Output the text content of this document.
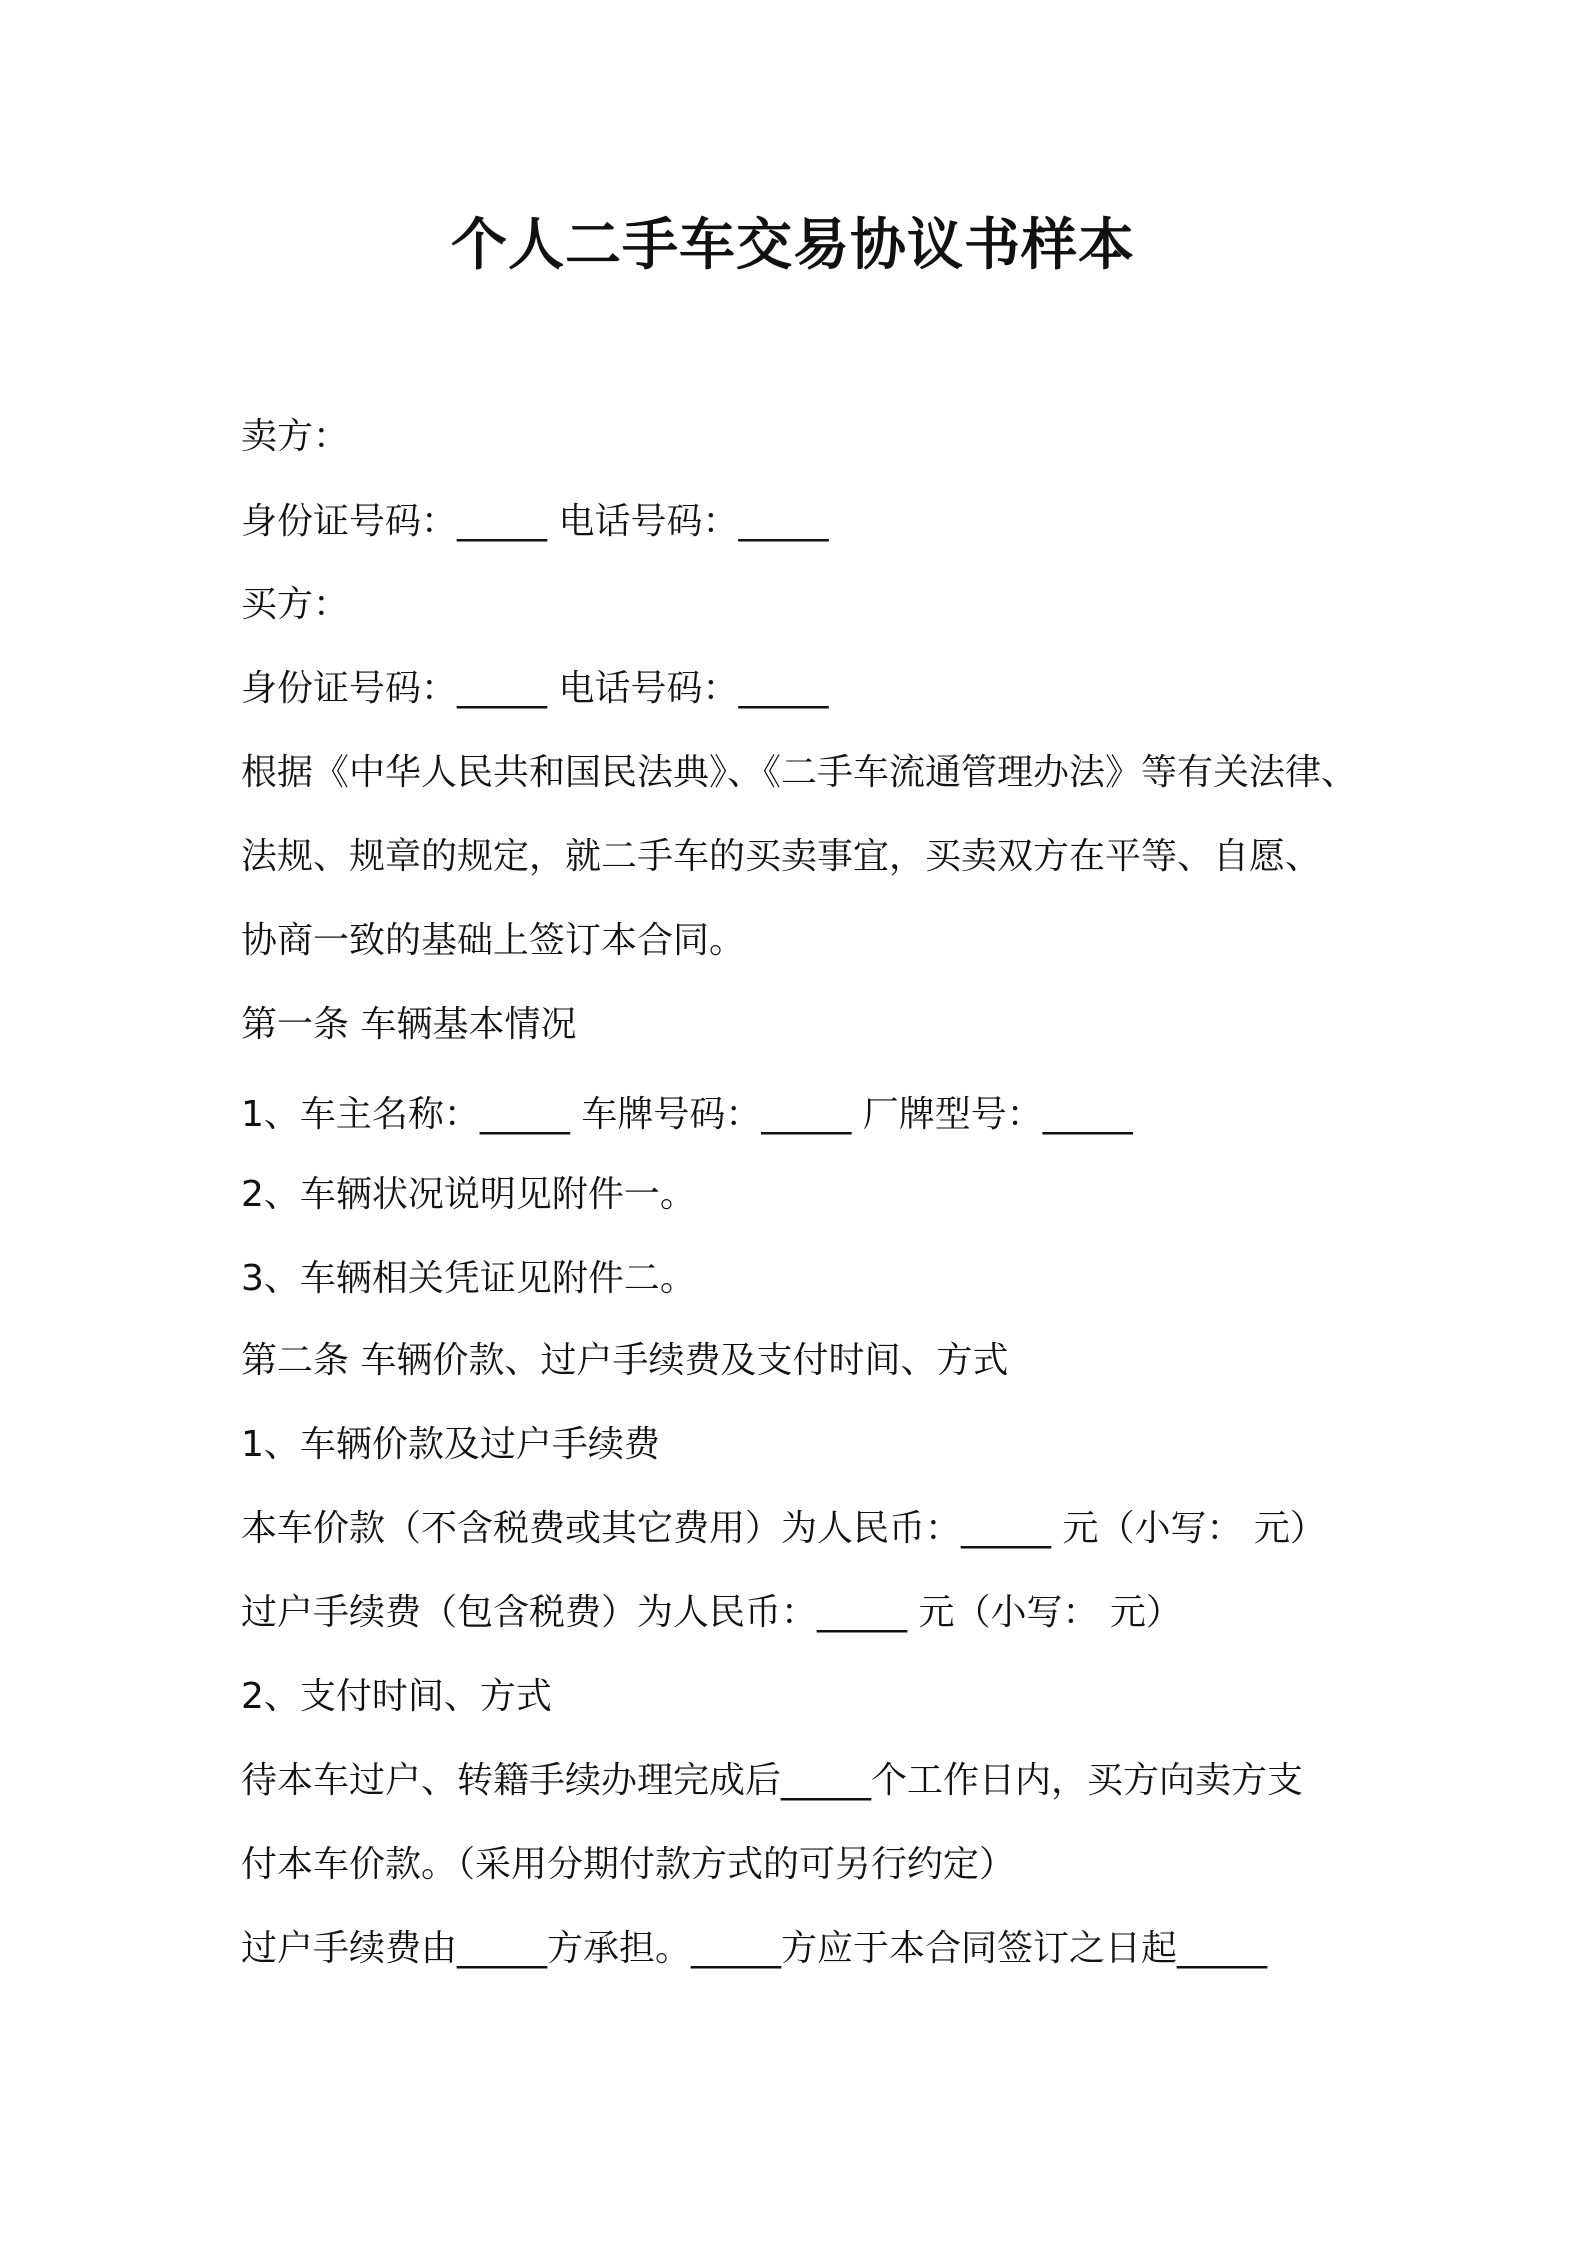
个人二手车交易协议书样本
卖方：
身份证号码：_____ 电话号码：_____
买方：
身份证号码：_____ 电话号码：_____
根据《中华人民共和国民法典》、《二手车流通管理办法》等有关法律、
法规、规章的规定，就二手车的买卖事宜，买卖双方在平等、自愿、
协商一致的基础上签订本合同。
第一条 车辆基本情况
1、车主名称：_____ 车牌号码：_____ 厂牌型号：_____
2、车辆状况说明见附件一。
3、车辆相关凭证见附件二。
第二条 车辆价款、过户手续费及支付时间、方式
1、车辆价款及过户手续费
本车价款（不含税费或其它费用）为人民币：_____ 元（小写： 元）
过户手续费（包含税费）为人民币：_____ 元（小写： 元）
2、支付时间、方式
待本车过户、转籍手续办理完成后_____个工作日内，买方向卖方支
付本车价款。（采用分期付款方式的可另行约定）
过户手续费由_____方承担。_____方应于本合同签订之日起_____
